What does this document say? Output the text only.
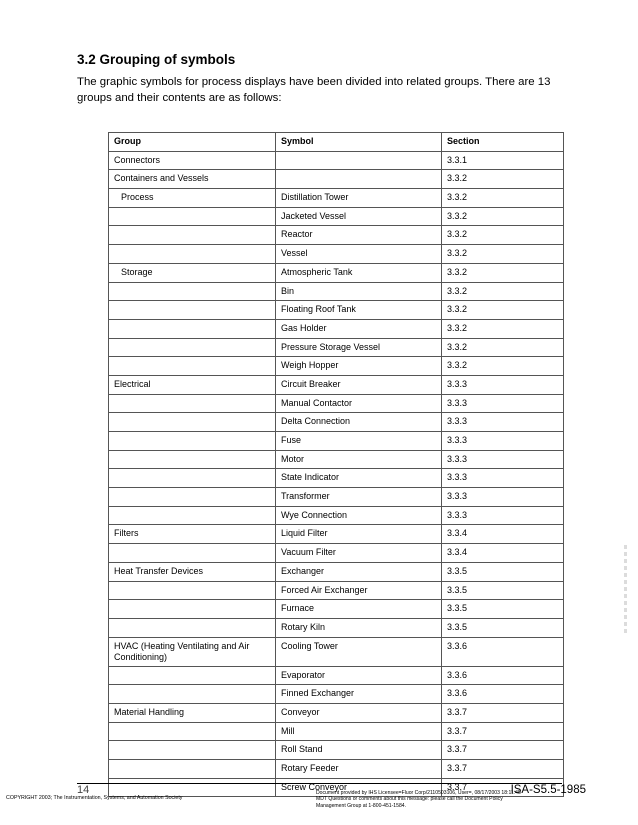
3.2 Grouping of symbols
The graphic symbols for process displays have been divided into related groups. There are 13 groups and their contents are as follows:
Group	Symbol	Section
Connectors		3.3.1
Containers and Vessels		3.3.2
Process	Distillation Tower	3.3.2
	Jacketed Vessel	3.3.2
	Reactor	3.3.2
	Vessel	3.3.2
Storage	Atmospheric Tank	3.3.2
	Bin	3.3.2
	Floating Roof Tank	3.3.2
	Gas Holder	3.3.2
	Pressure Storage Vessel	3.3.2
	Weigh Hopper	3.3.2
Electrical	Circuit Breaker	3.3.3
	Manual Contactor	3.3.3
	Delta Connection	3.3.3
	Fuse	3.3.3
	Motor	3.3.3
	State Indicator	3.3.3
	Transformer	3.3.3
	Wye Connection	3.3.3
Filters	Liquid Filter	3.3.4
	Vacuum Filter	3.3.4
Heat Transfer Devices	Exchanger	3.3.5
	Forced Air Exchanger	3.3.5
	Furnace	3.3.5
	Rotary Kiln	3.3.5
HVAC (Heating Ventilating and Air Conditioning)	Cooling Tower	3.3.6
	Evaporator	3.3.6
	Finned Exchanger	3.3.6
Material Handling	Conveyor	3.3.7
	Mill	3.3.7
	Roll Stand	3.3.7
	Rotary Feeder	3.3.7
	Screw Conveyor	3.3.7
14	ISA-S5.5-1985
COPYRIGHT 2003; The Instrumentation, Systems, and Automation Society
Document provided by IHS Licensee=Fluor Corp/2110503106, User=, 08/17/2003 18:11:45 MDT Questions or comments about this message: please call the Document Policy Management Group at 1-800-451-1584.
